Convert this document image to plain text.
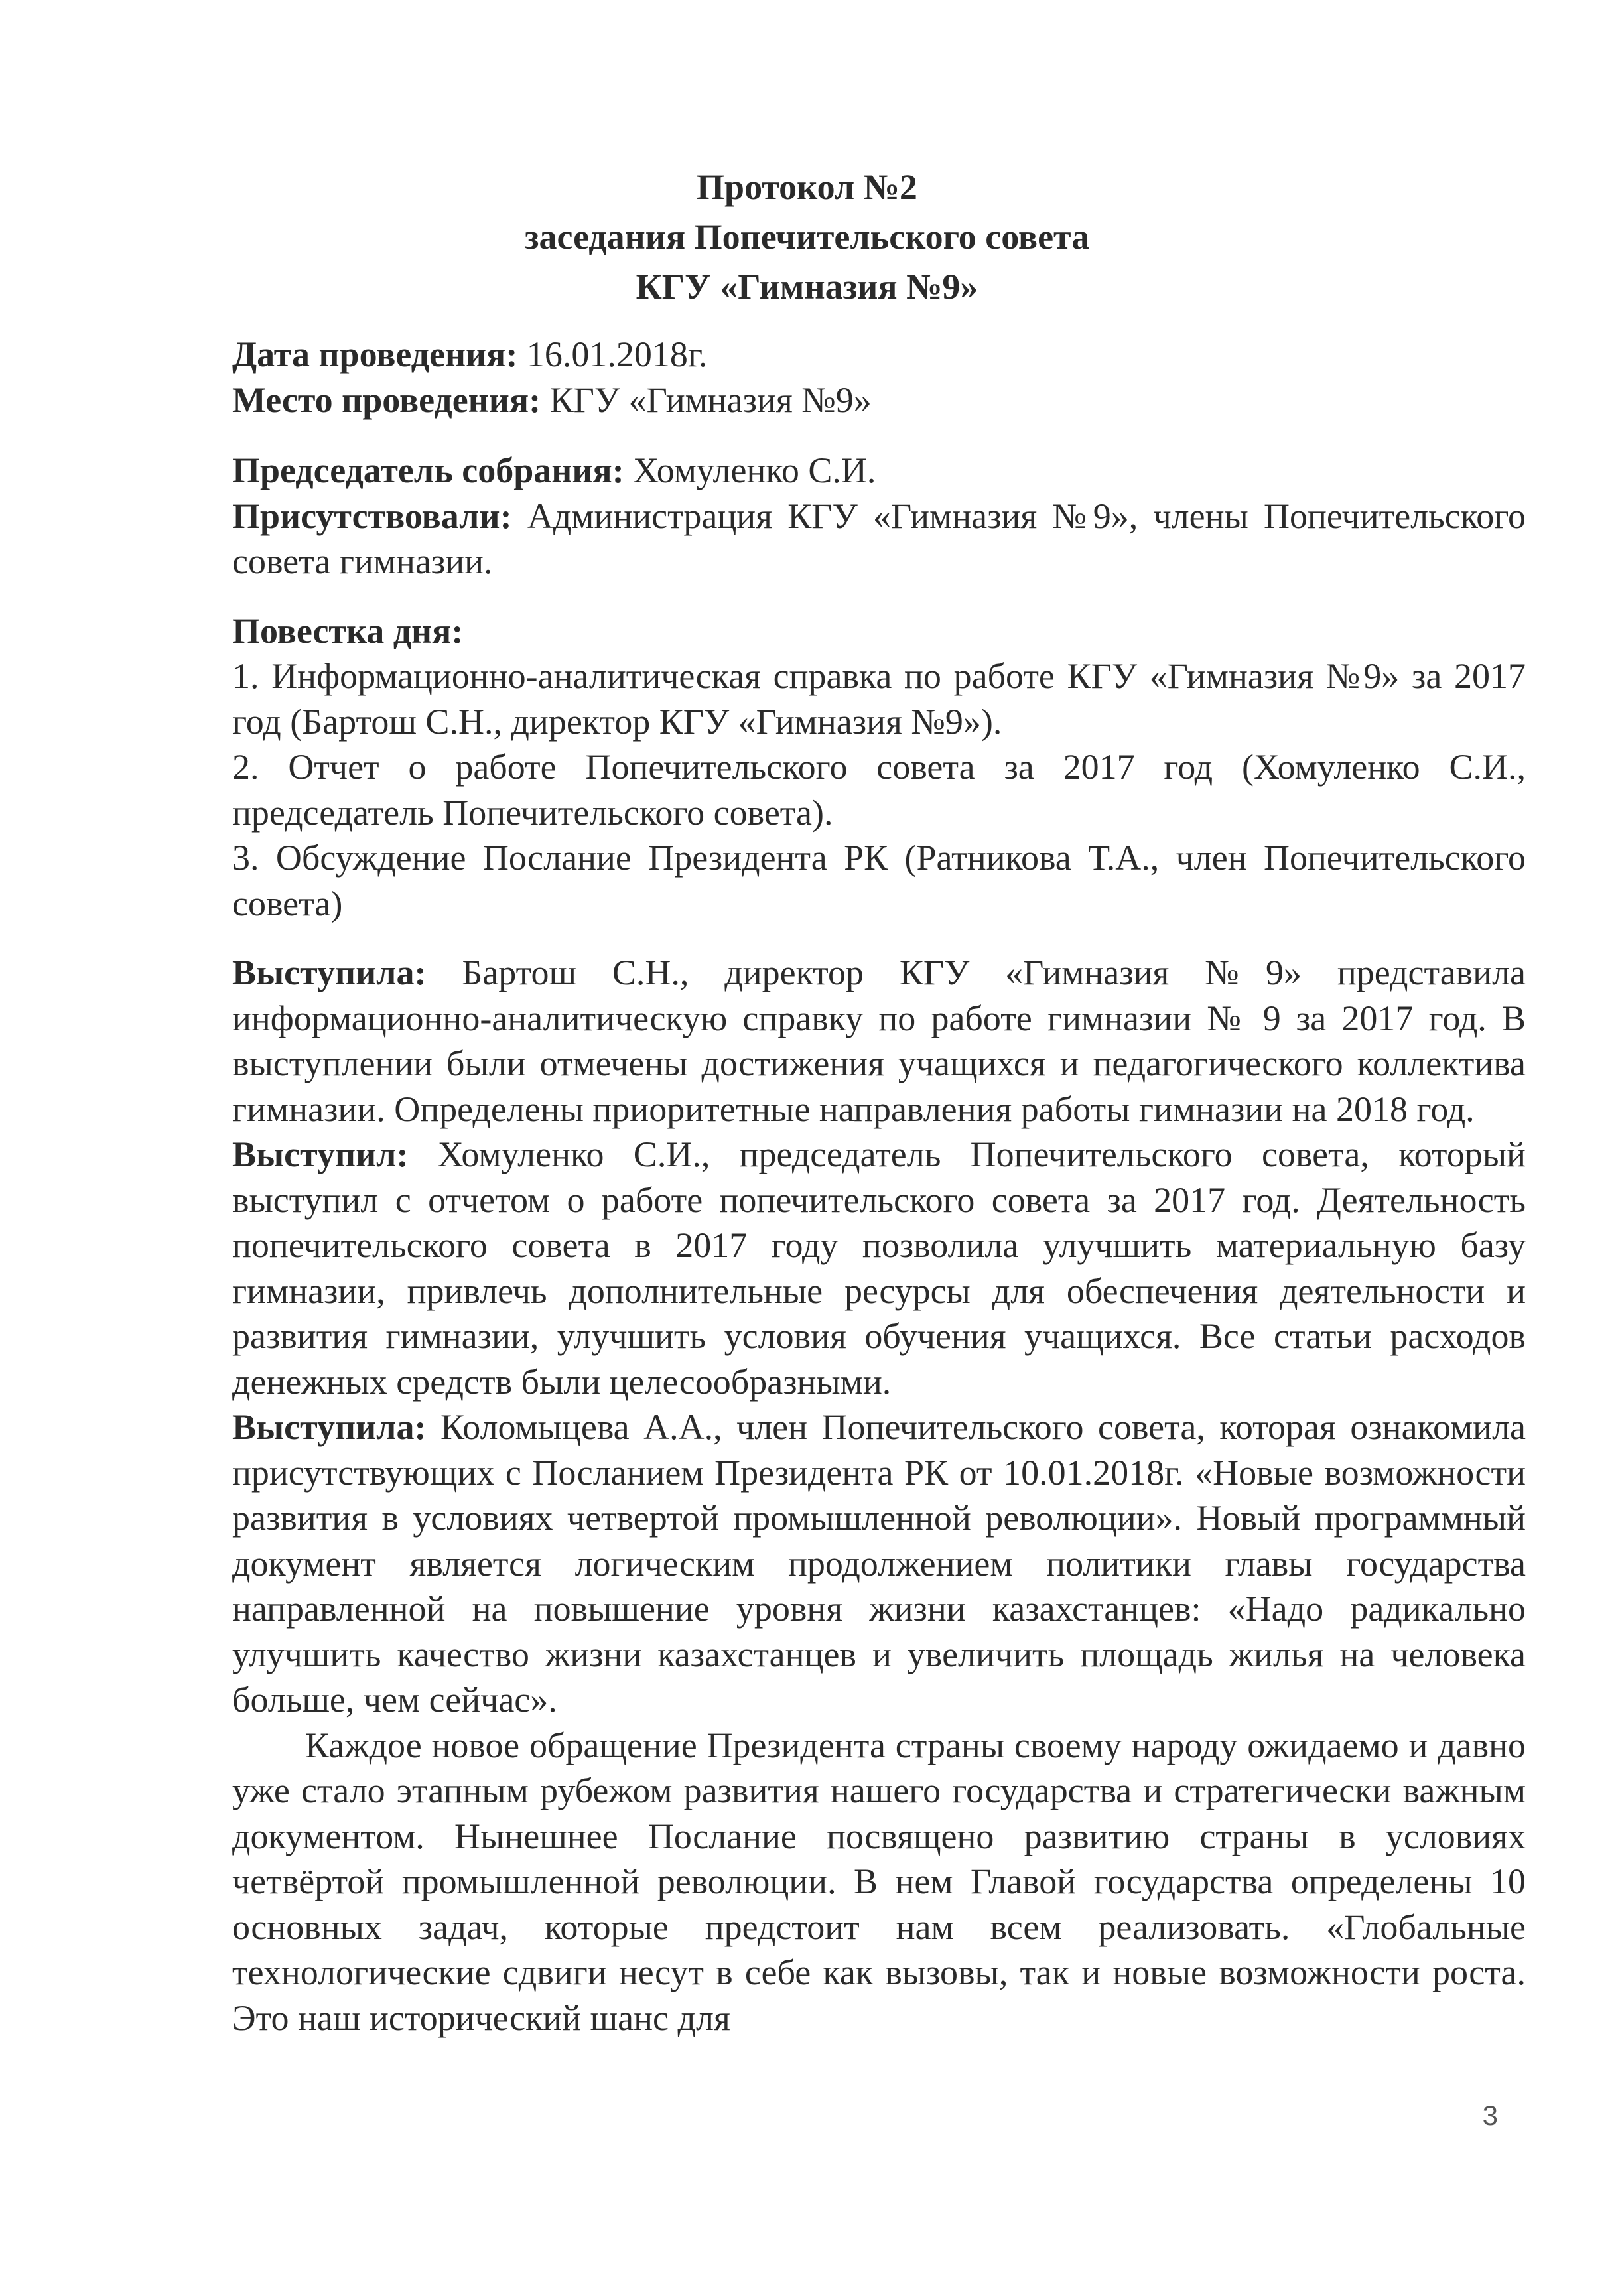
Протокол №2
заседания Попечительского совета
КГУ «Гимназия №9»

Дата проведения: 16.01.2018г.

Место проведения: КГУ «Гимназия №9»

Председатель собрания: Хомуленко С.И.

Присутствовали: Администрация КГУ «Гимназия №9», члены Попечительского совета гимназии.

Повестка дня:

1. Информационно-аналитическая справка по работе КГУ «Гимназия №9» за 2017 год (Бартош С.Н., директор КГУ «Гимназия №9»).

2. Отчет о работе Попечительского совета за 2017 год (Хомуленко С.И., председатель Попечительского совета).

3. Обсуждение Послание Президента РК (Ратникова Т.А., член Попечительского совета)

Выступила: Бартош С.Н., директор КГУ «Гимназия №9» представила информационно-аналитическую справку по работе гимназии № 9 за 2017 год. В выступлении были отмечены достижения учащихся и педагогического коллектива гимназии. Определены приоритетные направления работы гимназии на 2018 год.

Выступил: Хомуленко С.И., председатель Попечительского совета, который выступил с отчетом о работе попечительского совета за 2017 год. Деятельность попечительского совета в 2017 году позволила улучшить материальную базу гимназии, привлечь дополнительные ресурсы для обеспечения деятельности и развития гимназии, улучшить условия обучения учащихся. Все статьи расходов денежных средств были целесообразными.

Выступила: Коломыцева А.А., член Попечительского совета, которая ознакомила присутствующих с Посланием Президента РК от 10.01.2018г. «Новые возможности развития в условиях четвертой промышленной революции». Новый программный документ является логическим продолжением политики главы государства направленной на повышение уровня жизни казахстанцев: «Надо радикально улучшить качество жизни казахстанцев и увеличить площадь жилья на человека больше, чем сейчас».

Каждое новое обращение Президента страны своему народу ожидаемо и давно уже стало этапным рубежом развития нашего государства и стратегически важным документом. Нынешнее Послание посвящено развитию страны в условиях четвёртой промышленной революции. В нем Главой государства определены 10 основных задач, которые предстоит нам всем реализовать. «Глобальные технологические сдвиги несут в себе как вызовы, так и новые возможности роста. Это наш исторический шанс для

3
